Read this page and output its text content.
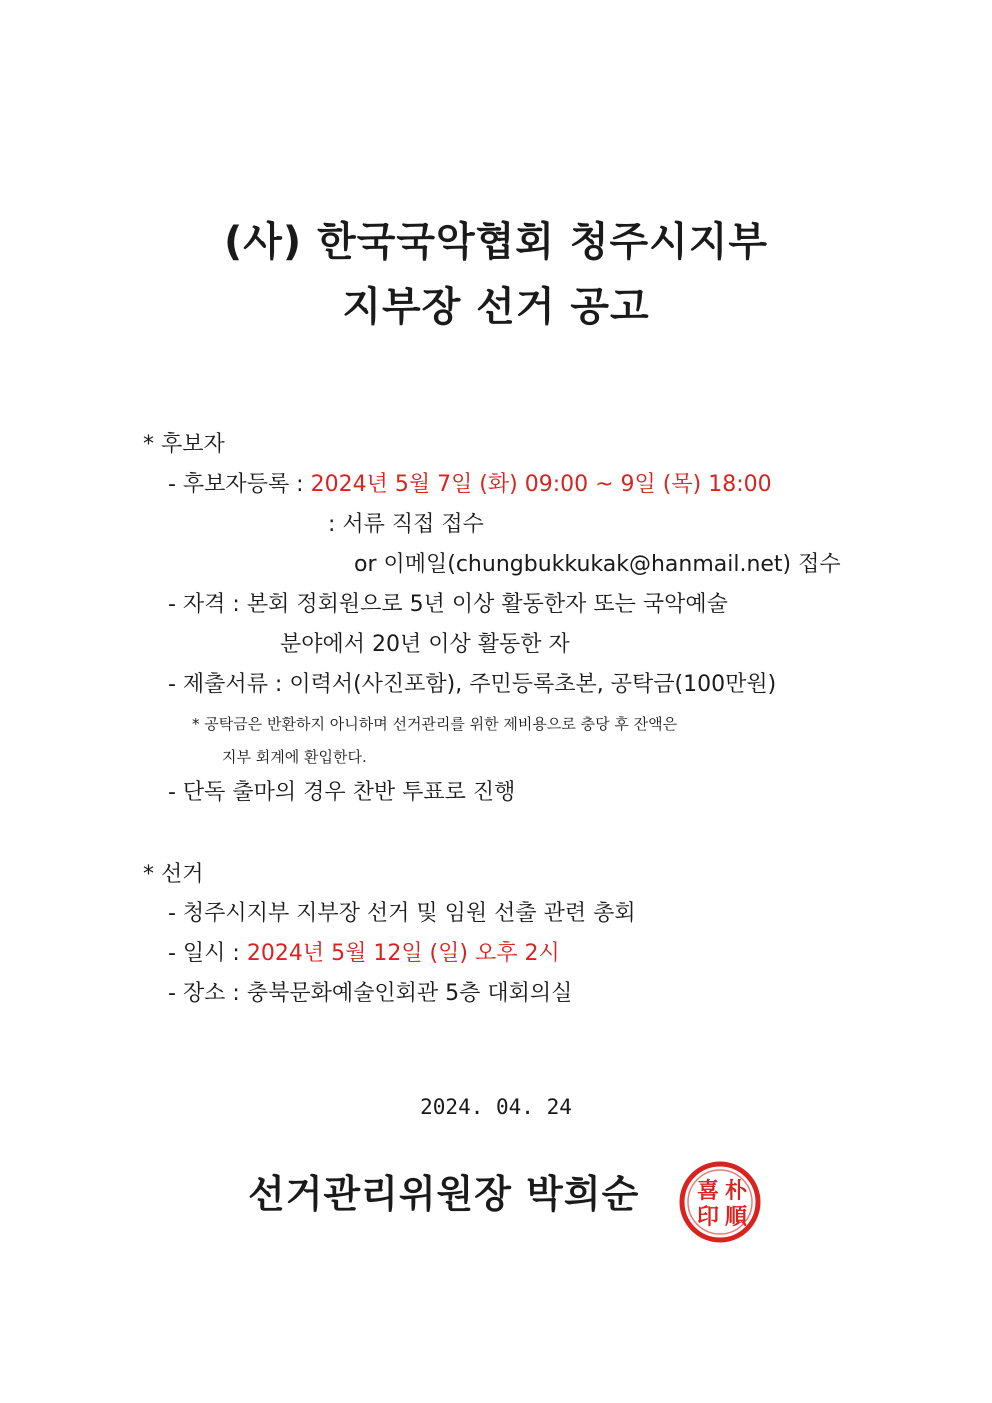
(사) 한국국악협회 청주시지부
지부장 선거 공고
* 후보자
- 후보자등록 : 2024년 5월 7일 (화) 09:00 ~ 9일 (목) 18:00
: 서류 직접 접수
or 이메일(chungbukkukak@hanmail.net) 접수
- 자격 : 본회 정회원으로 5년 이상 활동한자 또는 국악예술
분야에서 20년 이상 활동한 자
- 제출서류 : 이력서(사진포함), 주민등록초본, 공탁금(100만원)
* 공탁금은 반환하지 아니하며 선거관리를 위한 제비용으로 충당 후 잔액은
지부 회계에 환입한다.
- 단독 출마의 경우 찬반 투표로 진행
* 선거
- 청주시지부 지부장 선거 및 임원 선출 관련 총회
- 일시 : 2024년 5월 12일 (일) 오후 2시
- 장소 : 충북문화예술인회관 5층 대회의실
2024. 04. 24
선거관리위원장 박희순	朴
喜
順
印
